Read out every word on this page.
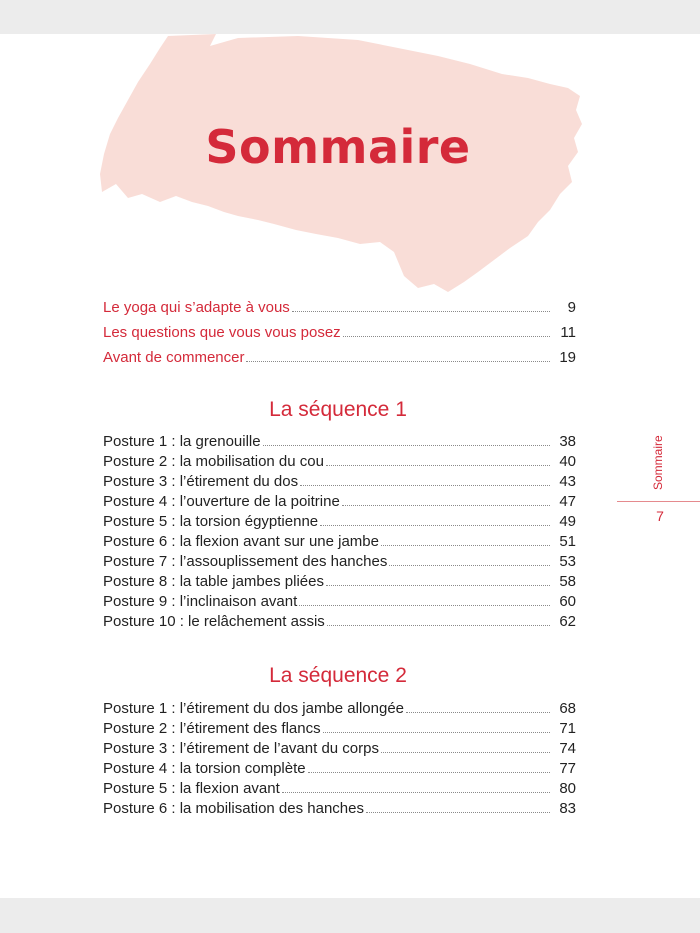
Sommaire
Le yoga qui s’adapte à vous	9
Les questions que vous vous posez	11
Avant de commencer	19
La séquence 1
Posture 1 : la grenouille	38
Posture 2 : la mobilisation du cou	40
Posture 3 : l’étirement du dos	43
Posture 4 : l’ouverture de la poitrine	47
Posture 5 : la torsion égyptienne	49
Posture 6 : la flexion avant sur une jambe	51
Posture 7 : l’assouplissement des hanches	53
Posture 8 : la table jambes pliées	58
Posture 9 : l’inclinaison avant	60
Posture 10 : le relâchement assis	62
La séquence 2
Posture 1 : l’étirement du dos jambe allongée	68
Posture 2 : l’étirement des flancs	71
Posture 3 : l’étirement de l’avant du corps	74
Posture 4 : la torsion complète	77
Posture 5 : la flexion avant	80
Posture 6 : la mobilisation des hanches	83
Sommaire
7
